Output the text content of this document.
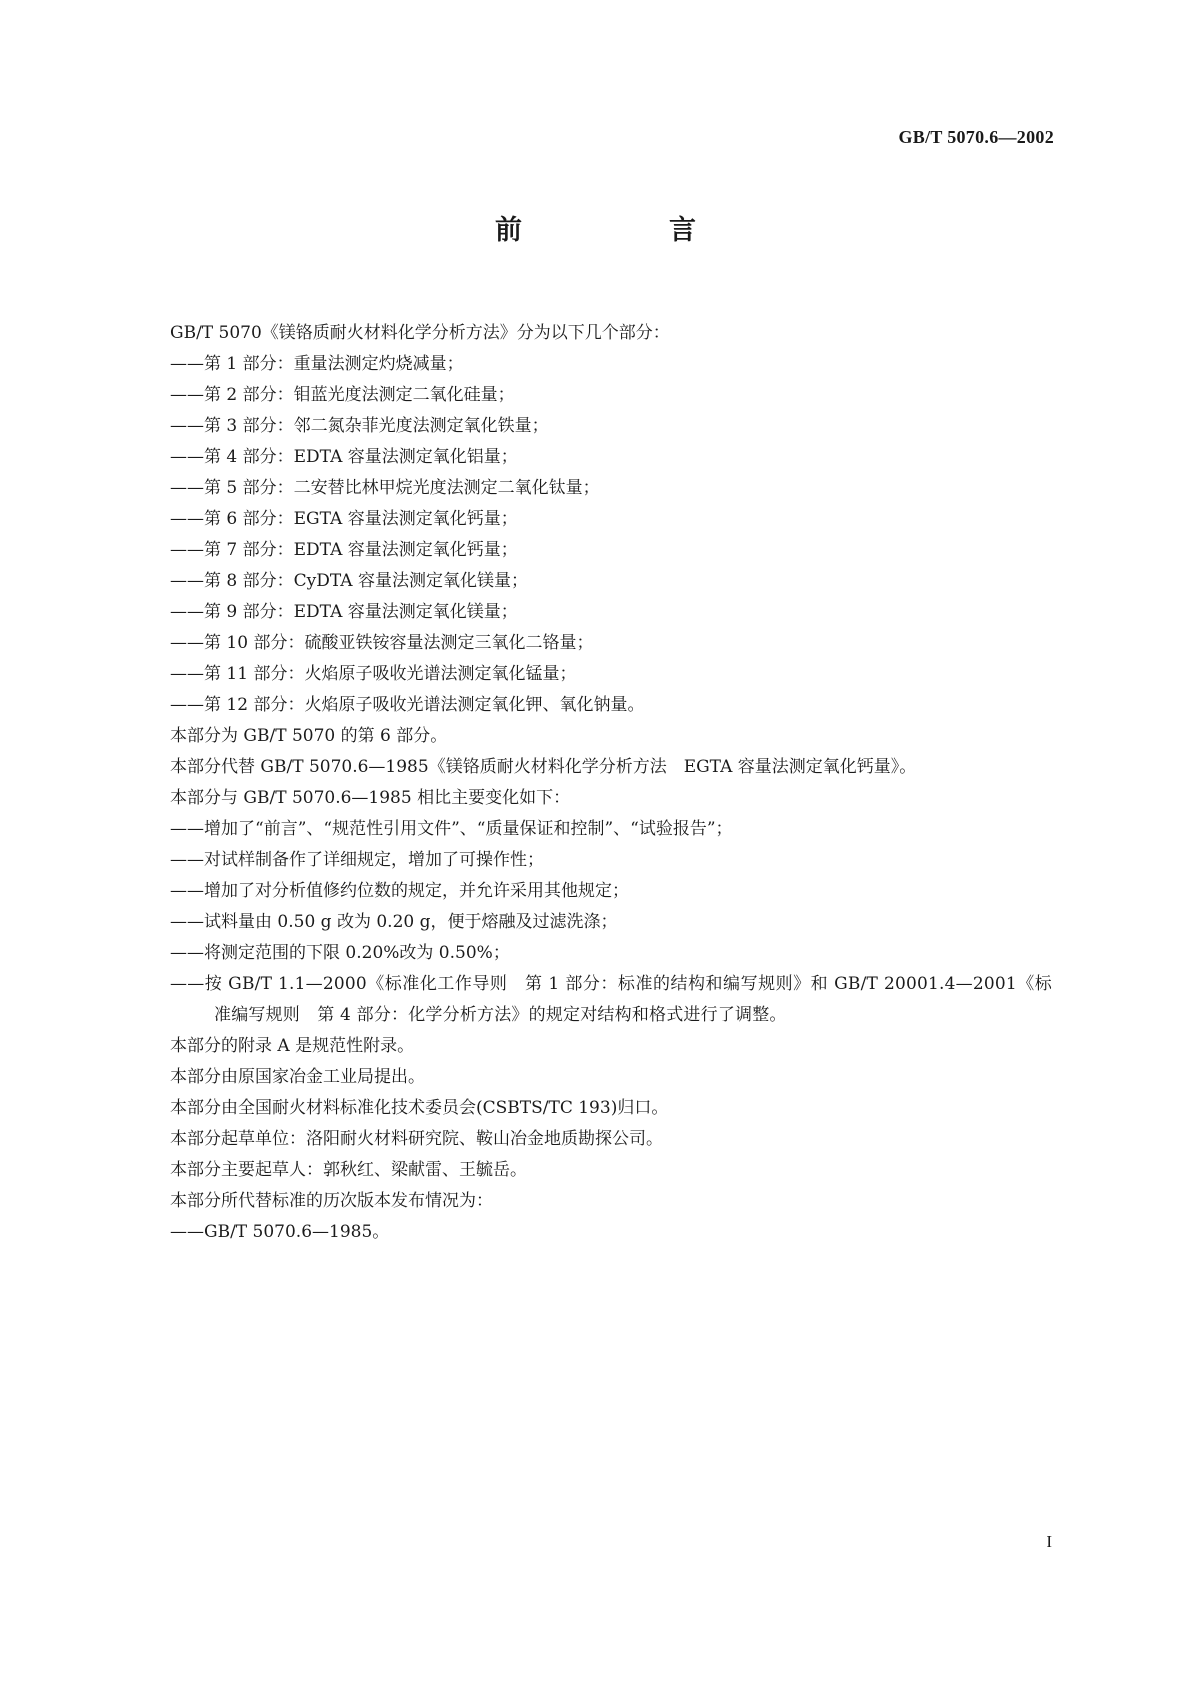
GB/T 5070.6—2002
前　言
GB/T 5070《镁铬质耐火材料化学分析方法》分为以下几个部分：
——第 1 部分：重量法测定灼烧减量；
——第 2 部分：钼蓝光度法测定二氧化硅量；
——第 3 部分：邻二氮杂菲光度法测定氧化铁量；
——第 4 部分：EDTA 容量法测定氧化铝量；
——第 5 部分：二安替比林甲烷光度法测定二氧化钛量；
——第 6 部分：EGTA 容量法测定氧化钙量；
——第 7 部分：EDTA 容量法测定氧化钙量；
——第 8 部分：CyDTA 容量法测定氧化镁量；
——第 9 部分：EDTA 容量法测定氧化镁量；
——第 10 部分：硫酸亚铁铵容量法测定三氧化二铬量；
——第 11 部分：火焰原子吸收光谱法测定氧化锰量；
——第 12 部分：火焰原子吸收光谱法测定氧化钾、氧化钠量。
本部分为 GB/T 5070 的第 6 部分。
本部分代替 GB/T 5070.6—1985《镁铬质耐火材料化学分析方法　EGTA 容量法测定氧化钙量》。
本部分与 GB/T 5070.6—1985 相比主要变化如下：
——增加了“前言”、“规范性引用文件”、“质量保证和控制”、“试验报告”；
——对试样制备作了详细规定，增加了可操作性；
——增加了对分析值修约位数的规定，并允许采用其他规定；
——试料量由 0.50 g 改为 0.20 g，便于熔融及过滤洗涤；
——将测定范围的下限 0.20%改为 0.50%；
——按 GB/T 1.1—2000《标准化工作导则　第 1 部分：标准的结构和编写规则》和 GB/T 20001.4—2001《标准编写规则　第 4 部分：化学分析方法》的规定对结构和格式进行了调整。
本部分的附录 A 是规范性附录。
本部分由原国家冶金工业局提出。
本部分由全国耐火材料标准化技术委员会(CSBTS/TC 193)归口。
本部分起草单位：洛阳耐火材料研究院、鞍山冶金地质勘探公司。
本部分主要起草人：郭秋红、梁献雷、王毓岳。
本部分所代替标准的历次版本发布情况为：
——GB/T 5070.6—1985。
I
